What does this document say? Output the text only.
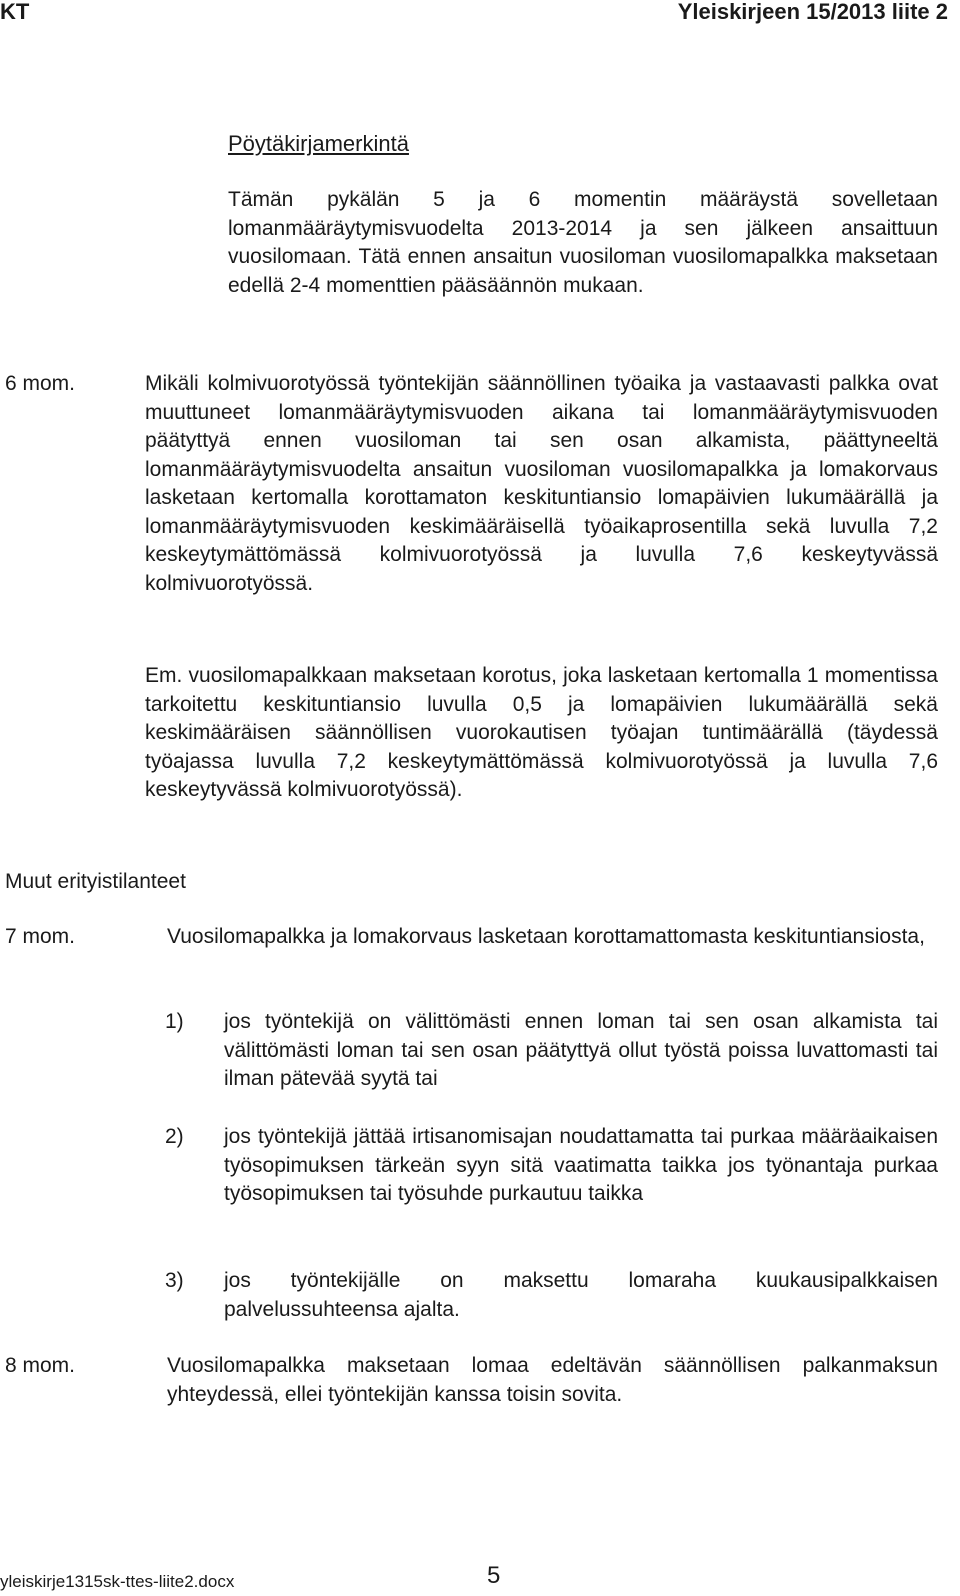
KT	Yleiskirjeen 15/2013 liite 2
Pöytäkirjamerkintä
Tämän pykälän 5 ja 6 momentin määräystä sovelletaan lomanmääräytymisvuodelta 2013-2014 ja sen jälkeen ansaittuun vuosilomaan. Tätä ennen ansaitun vuosiloman vuosilomapalkka maksetaan edellä 2-4 momenttien pääsäännön mukaan.
6 mom.	Mikäli kolmivuorotyössä työntekijän säännöllinen työaika ja vastaavasti palkka ovat muuttuneet lomanmääräytymisvuoden aikana tai lomanmääräytymisvuoden päätyttyä ennen vuosiloman tai sen osan alkamista, päättyneeltä lomanmääräytymisvuodelta ansaitun vuosiloman vuosilomapalkka ja lomakorvaus lasketaan kertomalla korottamaton keskituntiansio lomapäivien lukumäärällä ja lomanmääräytymisvuoden keskimääräisellä työaikaprosentilla sekä luvulla 7,2 keskeytymättömässä kolmivuorotyössä ja luvulla 7,6 keskeytyvässä kolmivuorotyössä.
Em. vuosilomapalkkaan maksetaan korotus, joka lasketaan kertomalla 1 momentissa tarkoitettu keskituntiansio luvulla 0,5 ja lomapäivien lukumäärällä sekä keskimääräisen säännöllisen vuorokautisen työajan tuntimäärällä (täydessä työajassa luvulla 7,2 keskeytymättömässä kolmivuorotyössä ja luvulla 7,6 keskeytyvässä kolmivuorotyössä).
Muut erityistilanteet
7 mom.	Vuosilomapalkka ja lomakorvaus lasketaan korottamattomasta keskituntiansiosta,
1) jos työntekijä on välittömästi ennen loman tai sen osan alkamista tai välittömästi loman tai sen osan päätyttyä ollut työstä poissa luvattomasti tai ilman pätevää syytä tai
2) jos työntekijä jättää irtisanomisajan noudattamatta tai purkaa määräaikaisen työsopimuksen tärkeän syyn sitä vaatimatta taikka jos työnantaja purkaa työsopimuksen tai työsuhde purkautuu taikka
3) jos työntekijälle on maksettu lomaraha kuukausipalkkaisen palvelussuhteensa ajalta.
8 mom.	Vuosilomapalkka maksetaan lomaa edeltävän säännöllisen palkanmaksun yhteydessä, ellei työntekijän kanssa toisin sovita.
yleiskirje1315sk-ttes-liite2.docx	5
